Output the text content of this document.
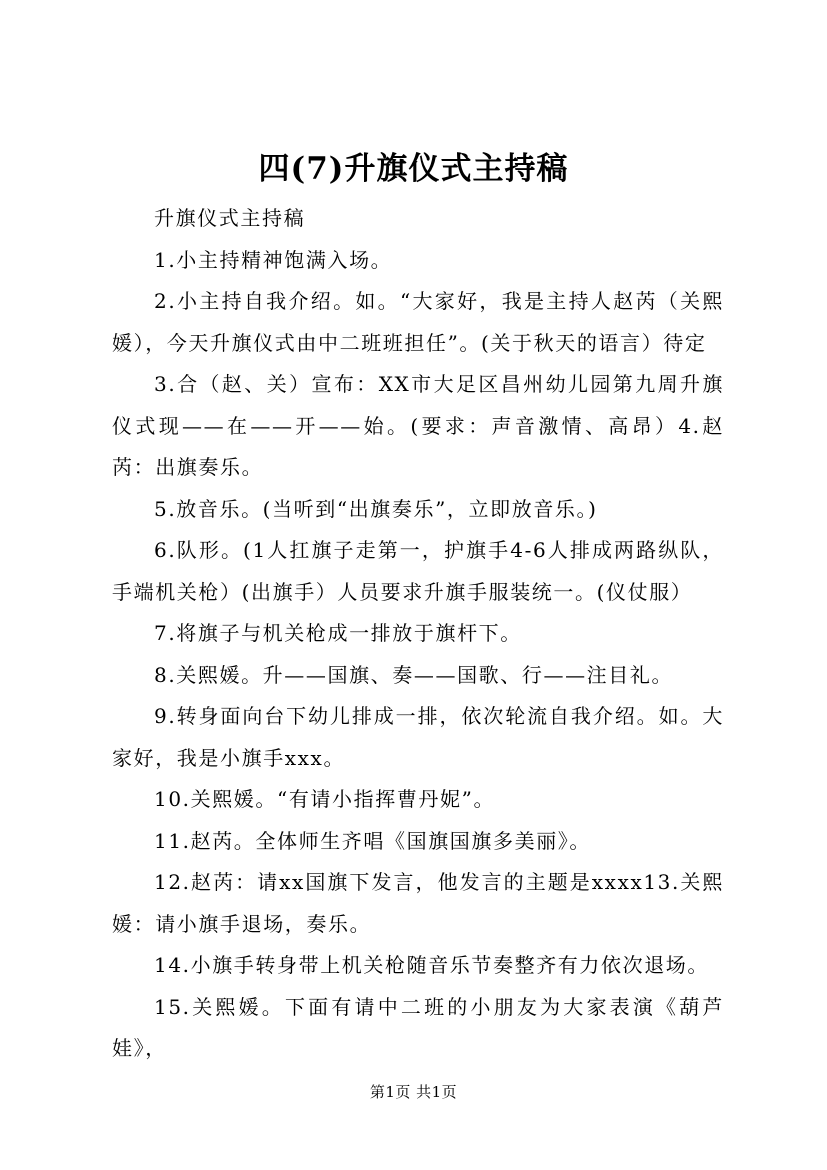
四(7)升旗仪式主持稿

升旗仪式主持稿

1.小主持精神饱满入场。

2.小主持自我介绍。如。“大家好，我是主持人赵芮（关熙媛），今天升旗仪式由中二班班担任”。(关于秋天的语言）待定

3.合（赵、关）宣布：XX市大足区昌州幼儿园第九周升旗仪式现——在——开——始。(要求：声音激情、高昂）4.赵芮：出旗奏乐。

5.放音乐。(当听到“出旗奏乐”，立即放音乐。)

6.队形。(1人扛旗子走第一，护旗手4-6人排成两路纵队，手端机关枪）(出旗手）人员要求升旗手服装统一。(仪仗服）

7.将旗子与机关枪成一排放于旗杆下。

8.关熙媛。升——国旗、奏——国歌、行——注目礼。

9.转身面向台下幼儿排成一排，依次轮流自我介绍。如。大家好，我是小旗手xxx。

10.关熙媛。“有请小指挥曹丹妮”。

11.赵芮。全体师生齐唱《国旗国旗多美丽》。

12.赵芮：请xx国旗下发言，他发言的主题是xxxx13.关熙媛：请小旗手退场，奏乐。

14.小旗手转身带上机关枪随音乐节奏整齐有力依次退场。

15.关熙媛。下面有请中二班的小朋友为大家表演《葫芦娃》，

第1页 共1页
